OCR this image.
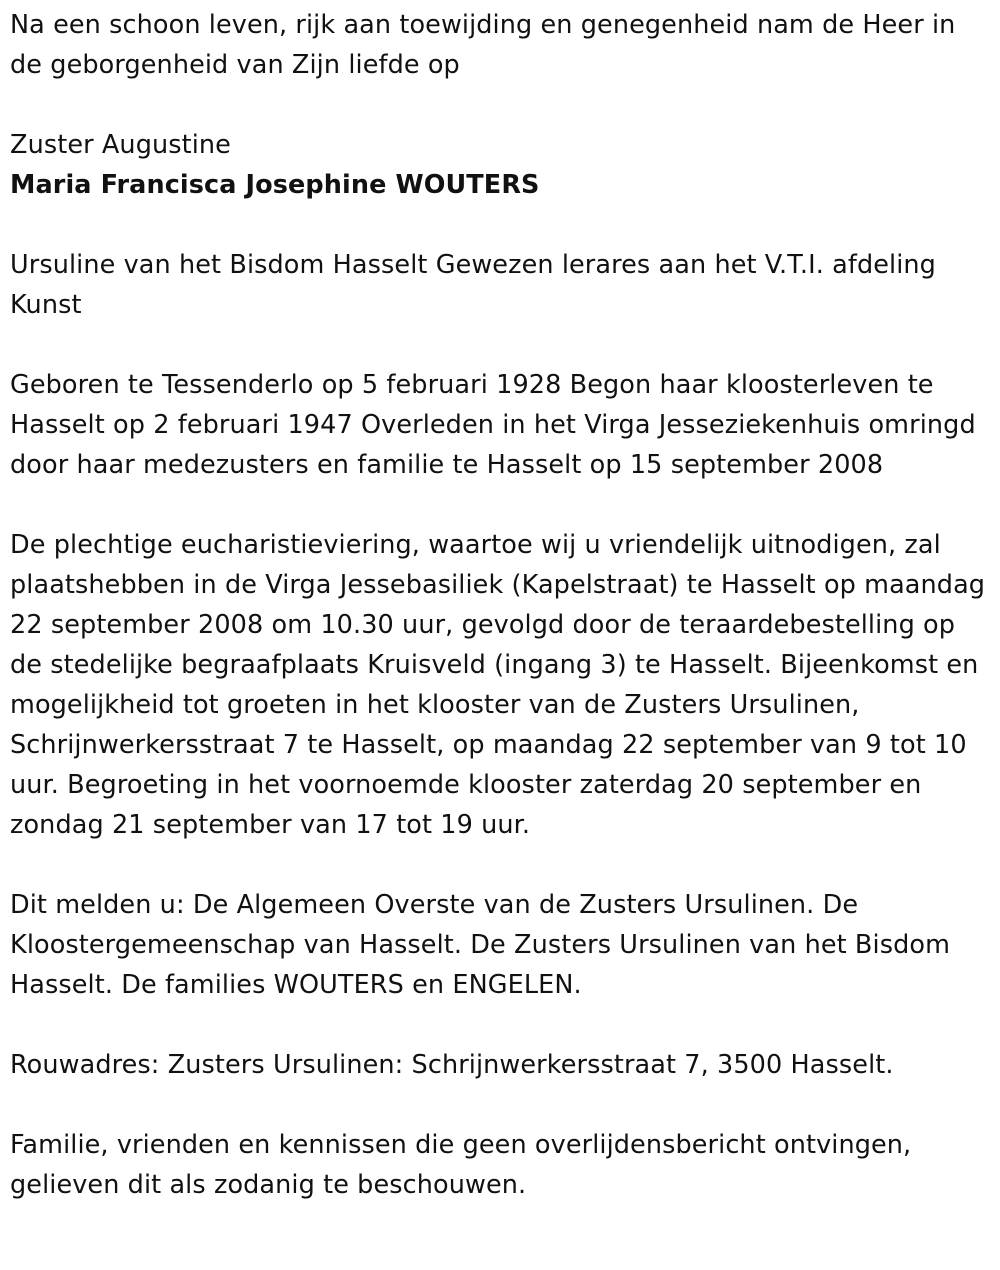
Na een schoon leven, rijk aan toewijding en genegenheid nam de Heer in de geborgenheid van Zijn liefde op

Zuster Augustine

Maria Francisca Josephine WOUTERS

Ursuline van het Bisdom Hasselt Gewezen lerares aan het V.T.I. afdeling Kunst

Geboren te Tessenderlo op 5 februari 1928 Begon haar kloosterleven te Hasselt op 2 februari 1947 Overleden in het Virga Jesseziekenhuis omringd door haar medezusters en familie te Hasselt op 15 september 2008

De plechtige eucharistieviering, waartoe wij u vriendelijk uitnodigen, zal plaatshebben in de Virga Jessebasiliek (Kapelstraat) te Hasselt op maandag 22 september 2008 om 10.30 uur, gevolgd door de teraardebestelling op de stedelijke begraafplaats Kruisveld (ingang 3) te Hasselt. Bijeenkomst en mogelijkheid tot groeten in het klooster van de Zusters Ursulinen, Schrijnwerkersstraat 7 te Hasselt, op maandag 22 september van 9 tot 10 uur. Begroeting in het voornoemde klooster zaterdag 20 september en zondag 21 september van 17 tot 19 uur.

Dit melden u: De Algemeen Overste van de Zusters Ursulinen. De Kloostergemeenschap van Hasselt. De Zusters Ursulinen van het Bisdom Hasselt. De families WOUTERS en ENGELEN.

Rouwadres: Zusters Ursulinen: Schrijnwerkersstraat 7, 3500 Hasselt.

Familie, vrienden en kennissen die geen overlijdensbericht ontvingen, gelieven dit als zodanig te beschouwen.
